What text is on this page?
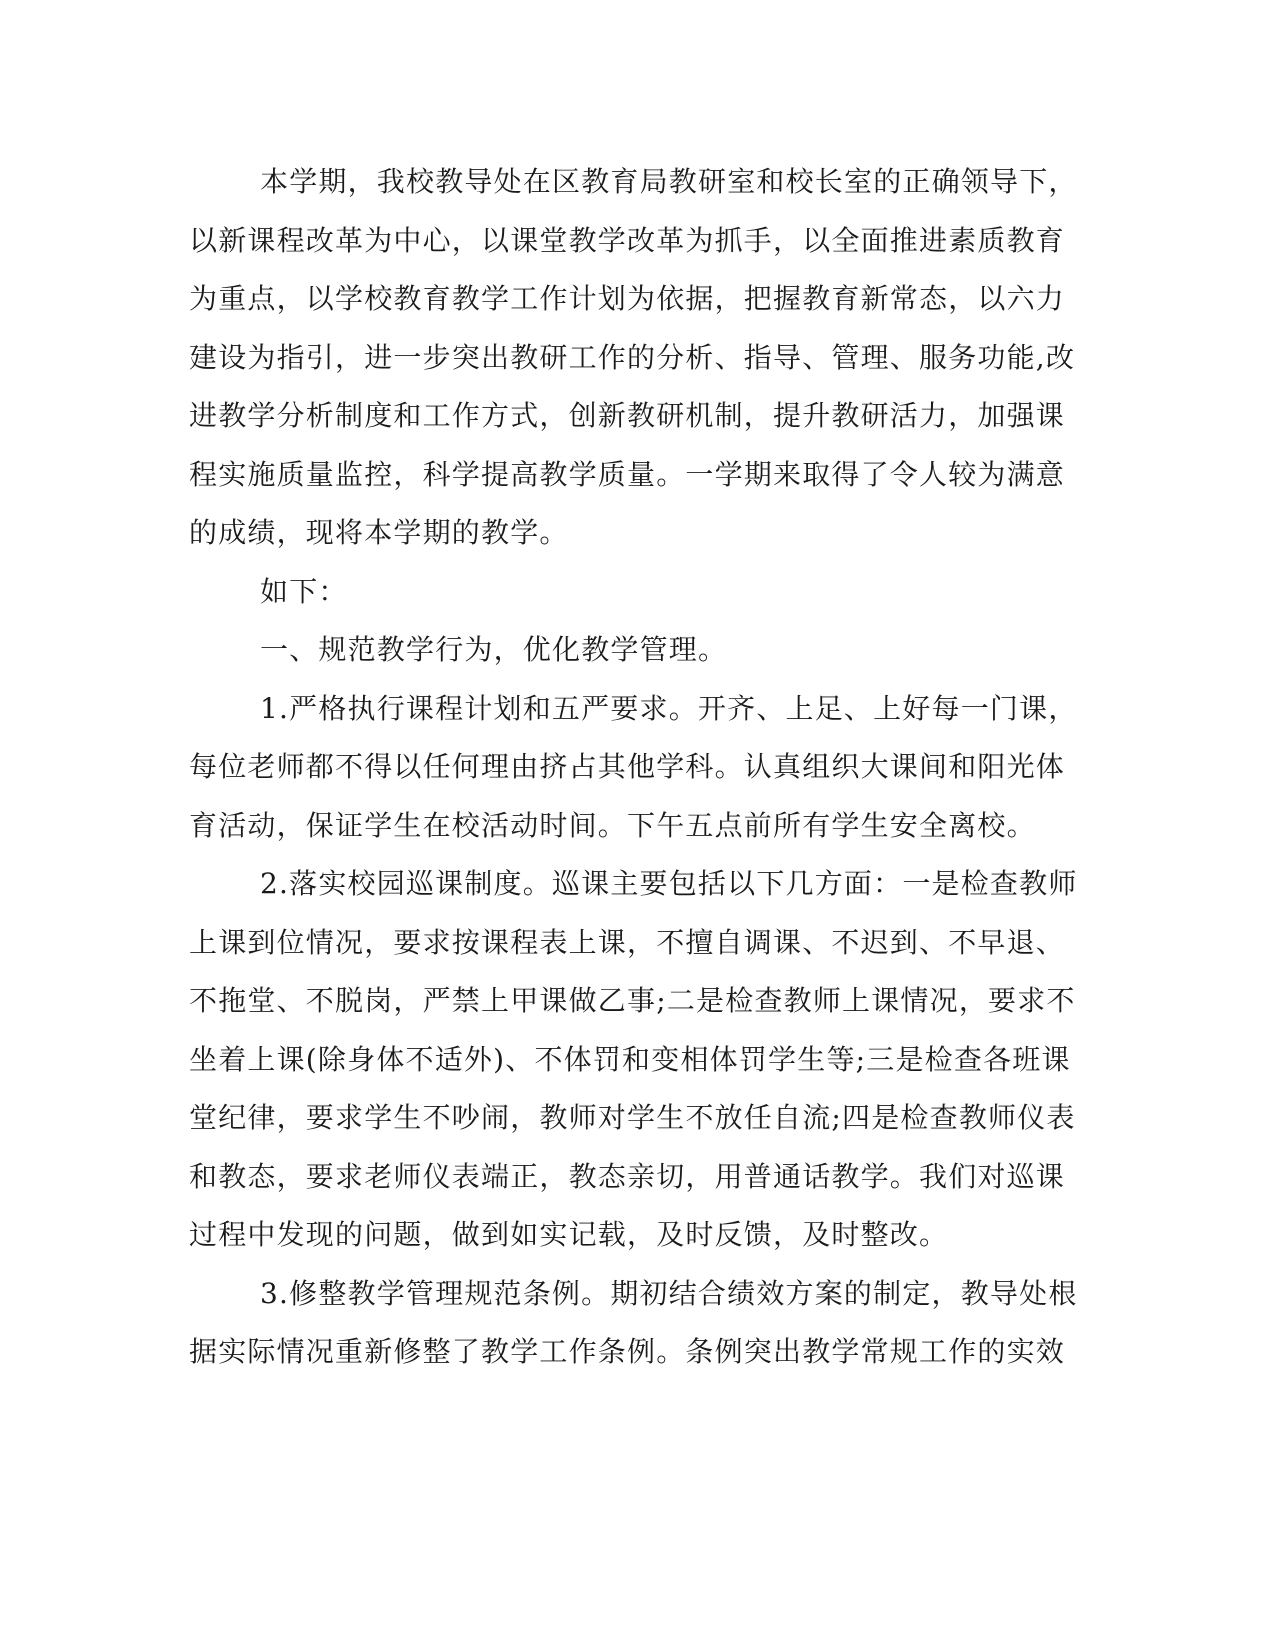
本学期，我校教导处在区教育局教研室和校长室的正确领导下，
以新课程改革为中心，以课堂教学改革为抓手，以全面推进素质教育
为重点，以学校教育教学工作计划为依据，把握教育新常态，以六力
建设为指引，进一步突出教研工作的分析、指导、管理、服务功能,改
进教学分析制度和工作方式，创新教研机制，提升教研活力，加强课
程实施质量监控，科学提高教学质量。一学期来取得了令人较为满意
的成绩，现将本学期的教学。
如下：
一、规范教学行为，优化教学管理。
1.严格执行课程计划和五严要求。开齐、上足、上好每一门课，
每位老师都不得以任何理由挤占其他学科。认真组织大课间和阳光体
育活动，保证学生在校活动时间。下午五点前所有学生安全离校。
2.落实校园巡课制度。巡课主要包括以下几方面：一是检查教师
上课到位情况，要求按课程表上课，不擅自调课、不迟到、不早退、
不拖堂、不脱岗，严禁上甲课做乙事;二是检查教师上课情况，要求不
坐着上课(除身体不适外)、不体罚和变相体罚学生等;三是检查各班课
堂纪律，要求学生不吵闹，教师对学生不放任自流;四是检查教师仪表
和教态，要求老师仪表端正，教态亲切，用普通话教学。我们对巡课
过程中发现的问题，做到如实记载，及时反馈，及时整改。
3.修整教学管理规范条例。期初结合绩效方案的制定，教导处根
据实际情况重新修整了教学工作条例。条例突出教学常规工作的实效
